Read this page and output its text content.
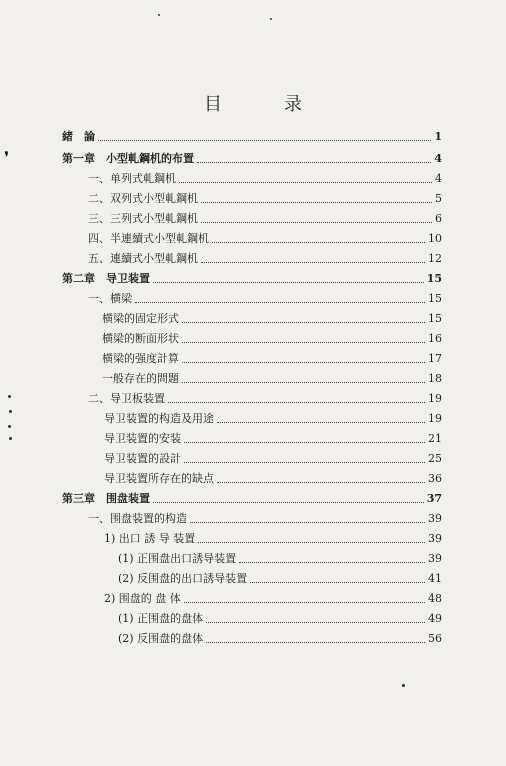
目　录
緒　論	1
第一章　小型軋鋼机的布置	4
一、单列式軋鋼机	4
二、双列式小型軋鋼机	5
三、三列式小型軋鋼机	6
四、半連續式小型軋鋼机	10
五、連續式小型軋鋼机	12
第二章　导卫装置	15
一、横梁	15
横梁的固定形式	15
横梁的断面形状	16
横梁的强度計算	17
一般存在的問題	18
二、导卫板装置	19
导卫装置的构造及用途	19
导卫装置的安装	21
导卫装置的設計	25
导卫装置所存在的缺点	36
第三章　围盘装置	37
一、围盘装置的构造	39
1) 出口 誘 导 装置	39
(1) 正围盘出口誘导装置	39
(2) 反围盘的出口誘导装置	41
2) 围盘的 盘 体	48
(1) 正围盘的盘体	49
(2) 反围盘的盘体	56
❜
